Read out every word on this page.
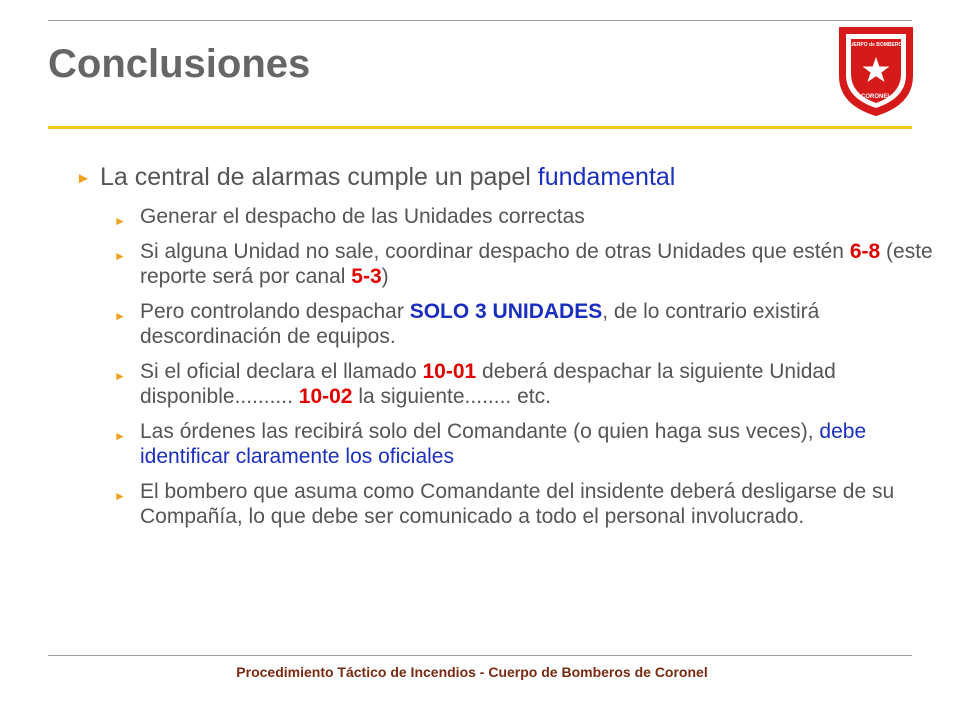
Conclusiones	CUERPO de BOMBEROS
CORONEL

► La central de alarmas cumple un papel fundamental

► Generar el despacho de las Unidades correctas

► Si alguna Unidad no sale, coordinar despacho de otras Unidades que estén 6-8 (este reporte será por canal 5-3)

► Pero controlando despachar SOLO 3 UNIDADES, de lo contrario existirá descordinación de equipos.

► Si el oficial declara el llamado 10-01 deberá despachar la siguiente Unidad disponible.......... 10-02 la siguiente........ etc.

► Las órdenes las recibirá solo del Comandante (o quien haga sus veces), debe identificar claramente los oficiales

► El bombero que asuma como Comandante del insidente deberá desligarse de su Compañía, lo que debe ser comunicado a todo el personal involucrado.

Procedimiento Táctico de Incendios - Cuerpo de Bomberos de Coronel
